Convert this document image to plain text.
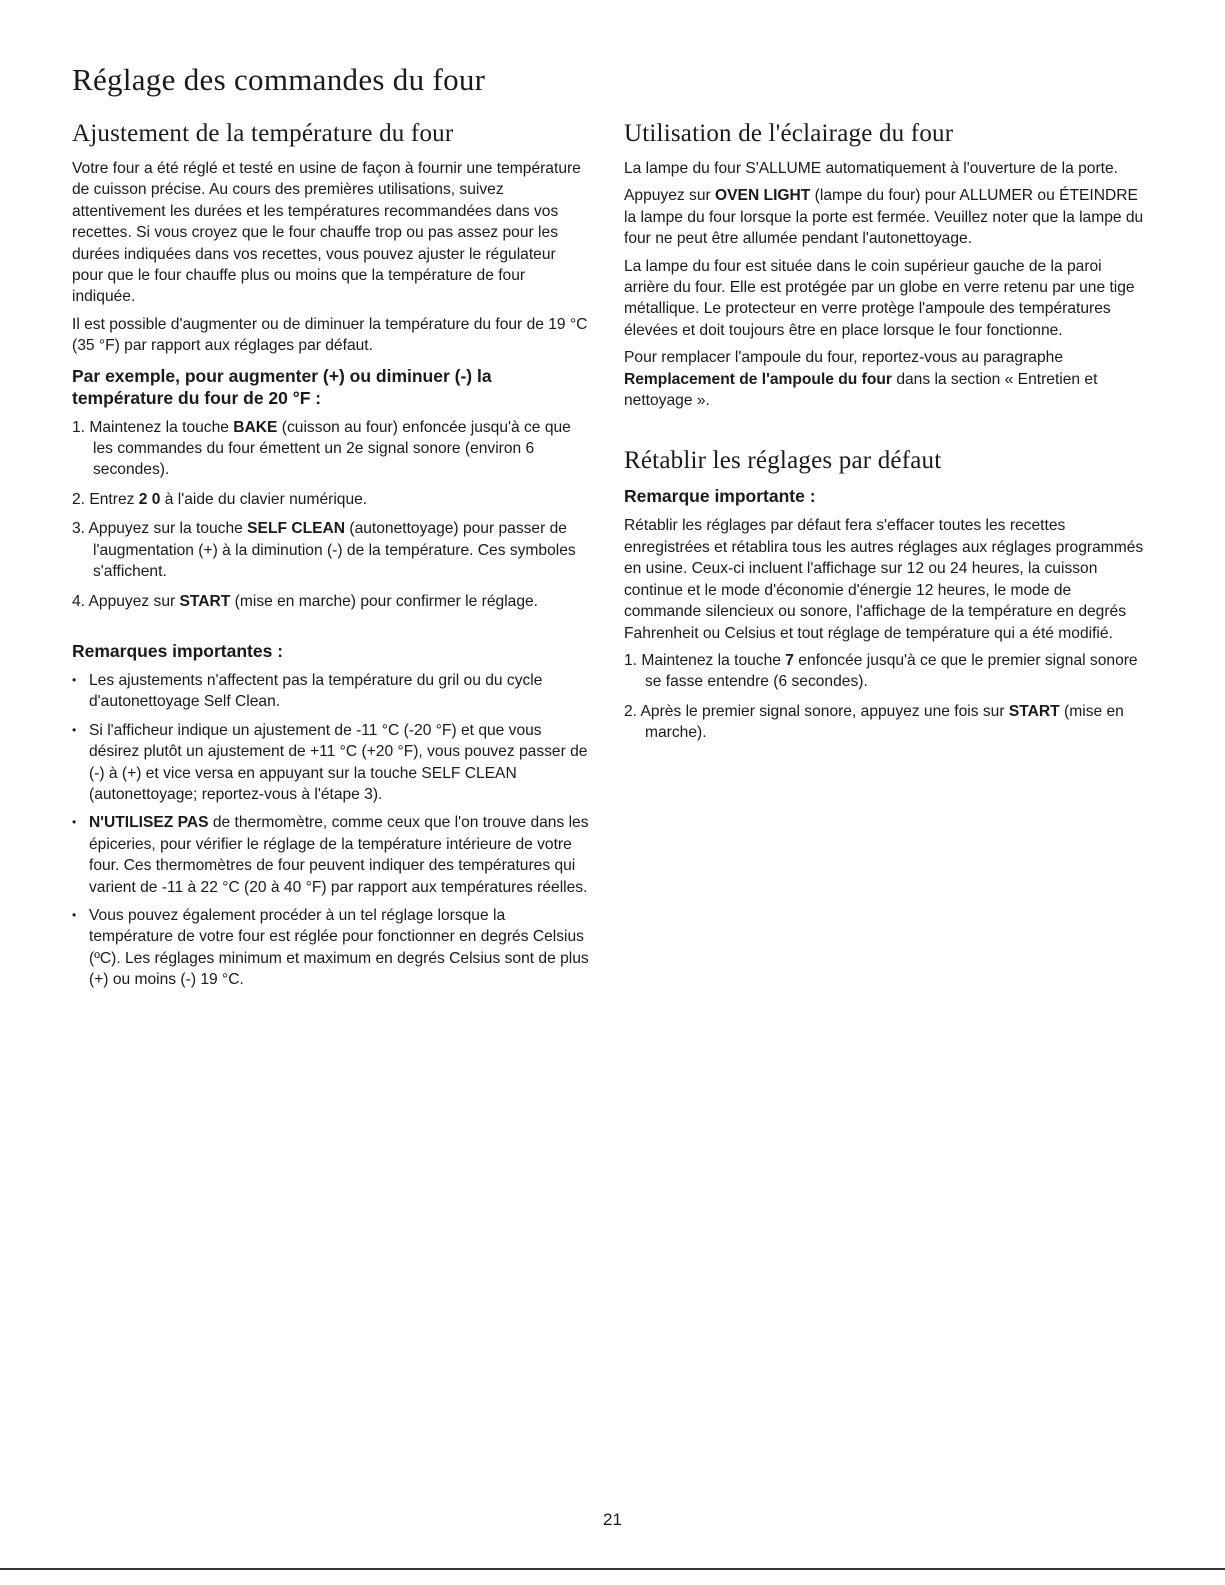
Réglage des commandes du four
Ajustement de la température du four

Votre four a été réglé et testé en usine de façon à fournir une température de cuisson précise. Au cours des premières utilisations, suivez attentivement les durées et les températures recommandées dans vos recettes. Si vous croyez que le four chauffe trop ou pas assez pour les durées indiquées dans vos recettes, vous pouvez ajuster le régulateur pour que le four chauffe plus ou moins que la température de four indiquée.

Il est possible d'augmenter ou de diminuer la température du four de 19 °C (35 °F) par rapport aux réglages par défaut.

Par exemple, pour augmenter (+) ou diminuer (-) la température du four de 20 °F :
1. Maintenez la touche BAKE (cuisson au four) enfoncée jusqu'à ce que les commandes du four émettent un 2e signal sonore (environ 6 secondes).
2. Entrez 2 0 à l'aide du clavier numérique.
3. Appuyez sur la touche SELF CLEAN (autonettoyage) pour passer de l'augmentation (+) à la diminution (-) de la température. Ces symboles s'affichent.
4. Appuyez sur START (mise en marche) pour confirmer le réglage.
Remarques importantes :
• Les ajustements n'affectent pas la température du gril ou du cycle d'autonettoyage Self Clean.
• Si l'afficheur indique un ajustement de -11 °C (-20 °F) et que vous désirez plutôt un ajustement de +11 °C (+20 °F), vous pouvez passer de (-) à (+) et vice versa en appuyant sur la touche SELF CLEAN (autonettoyage; reportez-vous à l'étape 3).
• N'UTILISEZ PAS de thermomètre, comme ceux que l'on trouve dans les épiceries, pour vérifier le réglage de la température intérieure de votre four. Ces thermomètres de four peuvent indiquer des températures qui varient de -11 à 22 °C (20 à 40 °F) par rapport aux températures réelles.
• Vous pouvez également procéder à un tel réglage lorsque la température de votre four est réglée pour fonctionner en degrés Celsius (ºC). Les réglages minimum et maximum en degrés Celsius sont de plus (+) ou moins (-) 19 °C.
Utilisation de l'éclairage du four

La lampe du four S'ALLUME automatiquement à l'ouverture de la porte.

Appuyez sur OVEN LIGHT (lampe du four) pour ALLUMER ou ÉTEINDRE la lampe du four lorsque la porte est fermée. Veuillez noter que la lampe du four ne peut être allumée pendant l'autonettoyage.

La lampe du four est située dans le coin supérieur gauche de la paroi arrière du four. Elle est protégée par un globe en verre retenu par une tige métallique. Le protecteur en verre protège l'ampoule des températures élevées et doit toujours être en place lorsque le four fonctionne.

Pour remplacer l'ampoule du four, reportez-vous au paragraphe Remplacement de l'ampoule du four dans la section « Entretien et nettoyage ».

Rétablir les réglages par défaut
Remarque importante :

Rétablir les réglages par défaut fera s'effacer toutes les recettes enregistrées et rétablira tous les autres réglages aux réglages programmés en usine. Ceux-ci incluent l'affichage sur 12 ou 24 heures, la cuisson continue et le mode d'économie d'énergie 12 heures, le mode de commande silencieux ou sonore, l'affichage de la température en degrés Fahrenheit ou Celsius et tout réglage de température qui a été modifié.

1. Maintenez la touche 7 enfoncée jusqu'à ce que le premier signal sonore se fasse entendre (6 secondes).
2. Après le premier signal sonore, appuyez une fois sur START (mise en marche).
21
